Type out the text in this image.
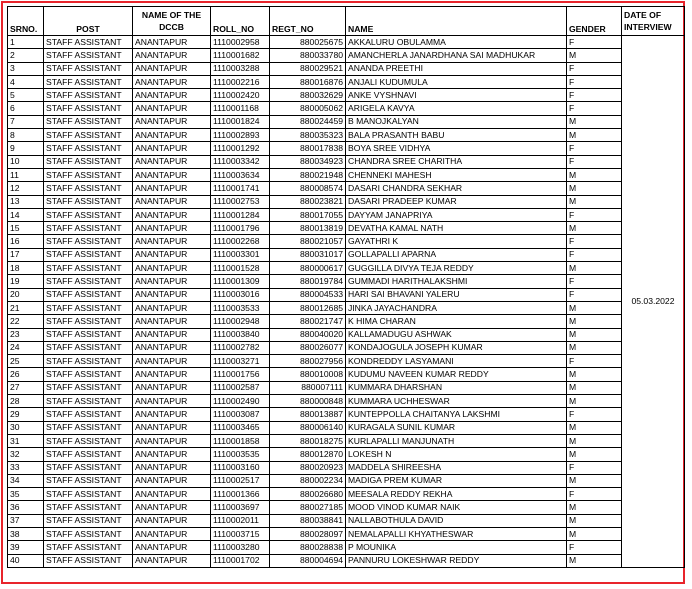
SRNO.	POST	NAME OF THE DCCB	ROLL_NO	REGT_NO	NAME	GENDER	DATE OF INTERVIEW
1	STAFF ASSISTANT	ANANTAPUR	1110002958	880025675	AKKALURU OBULAMMA	F	05.03.2022
2	STAFF ASSISTANT	ANANTAPUR	1110001682	880033780	AMANCHERLA JANARDHANA SAI MADHUKAR	M	
3	STAFF ASSISTANT	ANANTAPUR	1110003288	880029521	ANANDA PREETHI	F	
4	STAFF ASSISTANT	ANANTAPUR	1110002216	880016876	ANJALI KUDUMULA	F	
5	STAFF ASSISTANT	ANANTAPUR	1110002420	880032629	ANKE VYSHNAVI	F	
6	STAFF ASSISTANT	ANANTAPUR	1110001168	880005062	ARIGELA KAVYA	F	
7	STAFF ASSISTANT	ANANTAPUR	1110001824	880024459	B MANOJKALYAN	M	
8	STAFF ASSISTANT	ANANTAPUR	1110002893	880035323	BALA PRASANTH BABU	M	
9	STAFF ASSISTANT	ANANTAPUR	1110001292	880017838	BOYA SREE VIDHYA	F	
10	STAFF ASSISTANT	ANANTAPUR	1110003342	880034923	CHANDRA SREE CHARITHA	F	
11	STAFF ASSISTANT	ANANTAPUR	1110003634	880021948	CHENNEKI MAHESH	M	
12	STAFF ASSISTANT	ANANTAPUR	1110001741	880008574	DASARI CHANDRA SEKHAR	M	
13	STAFF ASSISTANT	ANANTAPUR	1110002753	880023821	DASARI PRADEEP KUMAR	M	
14	STAFF ASSISTANT	ANANTAPUR	1110001284	880017055	DAYYAM JANAPRIYA	F	
15	STAFF ASSISTANT	ANANTAPUR	1110001796	880013819	DEVATHA KAMAL NATH	M	
16	STAFF ASSISTANT	ANANTAPUR	1110002268	880021057	GAYATHRI K	F	
17	STAFF ASSISTANT	ANANTAPUR	1110003301	880031017	GOLLAPALLI APARNA	F	
18	STAFF ASSISTANT	ANANTAPUR	1110001528	880000617	GUGGILLA DIVYA TEJA REDDY	M	
19	STAFF ASSISTANT	ANANTAPUR	1110001309	880019784	GUMMADI HARITHALAKSHMI	F	
20	STAFF ASSISTANT	ANANTAPUR	1110003016	880004533	HARI SAI BHAVANI YALERU	F	
21	STAFF ASSISTANT	ANANTAPUR	1110003533	880012685	JINKA JAYACHANDRA	M	
22	STAFF ASSISTANT	ANANTAPUR	1110002948	880021747	K HIMA CHARAN	M	
23	STAFF ASSISTANT	ANANTAPUR	1110003840	880040020	KALLAMADUGU ASHWAK	M	
24	STAFF ASSISTANT	ANANTAPUR	1110002782	880026077	KONDAJOGULA JOSEPH KUMAR	M	
25	STAFF ASSISTANT	ANANTAPUR	1110003271	880027956	KONDREDDY LASYAMANI	F	
26	STAFF ASSISTANT	ANANTAPUR	1110001756	880010008	KUDUMU NAVEEN KUMAR REDDY	M	
27	STAFF ASSISTANT	ANANTAPUR	1110002587	880007111	KUMMARA DHARSHAN	M	
28	STAFF ASSISTANT	ANANTAPUR	1110002490	880000848	KUMMARA UCHHESWAR	M	
29	STAFF ASSISTANT	ANANTAPUR	1110003087	880013887	KUNTEPPOLLA CHAITANYA LAKSHMI	F	
30	STAFF ASSISTANT	ANANTAPUR	1110003465	880006140	KURAGALA SUNIL KUMAR	M	
31	STAFF ASSISTANT	ANANTAPUR	1110001858	880018275	KURLAPALLI MANJUNATH	M	
32	STAFF ASSISTANT	ANANTAPUR	1110003535	880012870	LOKESH N	M	
33	STAFF ASSISTANT	ANANTAPUR	1110003160	880020923	MADDELA SHIREESHA	F	
34	STAFF ASSISTANT	ANANTAPUR	1110002517	880002234	MADIGA PREM KUMAR	M	
35	STAFF ASSISTANT	ANANTAPUR	1110001366	880026680	MEESALA REDDY REKHA	F	
36	STAFF ASSISTANT	ANANTAPUR	1110003697	880027185	MOOD VINOD KUMAR NAIK	M	
37	STAFF ASSISTANT	ANANTAPUR	1110002011	880038841	NALLABOTHULA DAVID	M	
38	STAFF ASSISTANT	ANANTAPUR	1110003715	880028097	NEMALAPALLI KHYATHESWAR	M	
39	STAFF ASSISTANT	ANANTAPUR	1110003280	880028838	P MOUNIKA	F	
40	STAFF ASSISTANT	ANANTAPUR	1110001702	880004694	PANNURU LOKESHWAR REDDY	M	
